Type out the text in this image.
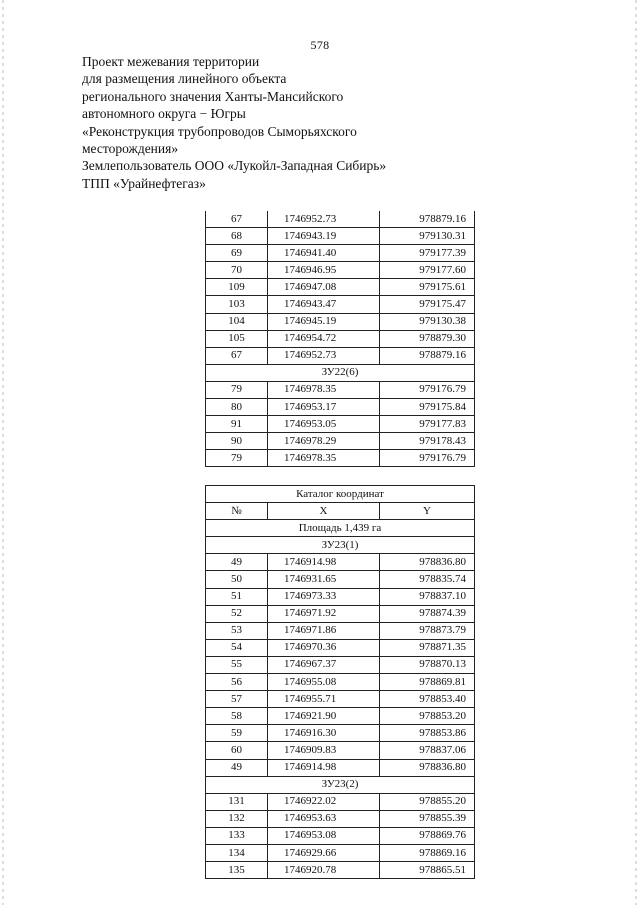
578
Проект межевания территории
для размещения линейного объекта
регионального значения Ханты-Мансийского
автономного округа − Югры
«Реконструкция трубопроводов Сыморьяхского
месторождения»
Землепользователь ООО «Лукойл-Западная Сибирь»
ТПП «Урайнефтегаз»
67	1746952.73	978879.16
68	1746943.19	979130.31
69	1746941.40	979177.39
70	1746946.95	979177.60
109	1746947.08	979175.61
103	1746943.47	979175.47
104	1746945.19	979130.38
105	1746954.72	978879.30
67	1746952.73	978879.16
ЗУ22(6)		
79	1746978.35	979176.79
80	1746953.17	979175.84
91	1746953.05	979177.83
90	1746978.29	979178.43
79	1746978.35	979176.79
Каталог координат		
№	X	Y
Площадь 1,439 га		
ЗУ23(1)		
49	1746914.98	978836.80
50	1746931.65	978835.74
51	1746973.33	978837.10
52	1746971.92	978874.39
53	1746971.86	978873.79
54	1746970.36	978871.35
55	1746967.37	978870.13
56	1746955.08	978869.81
57	1746955.71	978853.40
58	1746921.90	978853.20
59	1746916.30	978853.86
60	1746909.83	978837.06
49	1746914.98	978836.80
ЗУ23(2)		
131	1746922.02	978855.20
132	1746953.63	978855.39
133	1746953.08	978869.76
134	1746929.66	978869.16
135	1746920.78	978865.51
